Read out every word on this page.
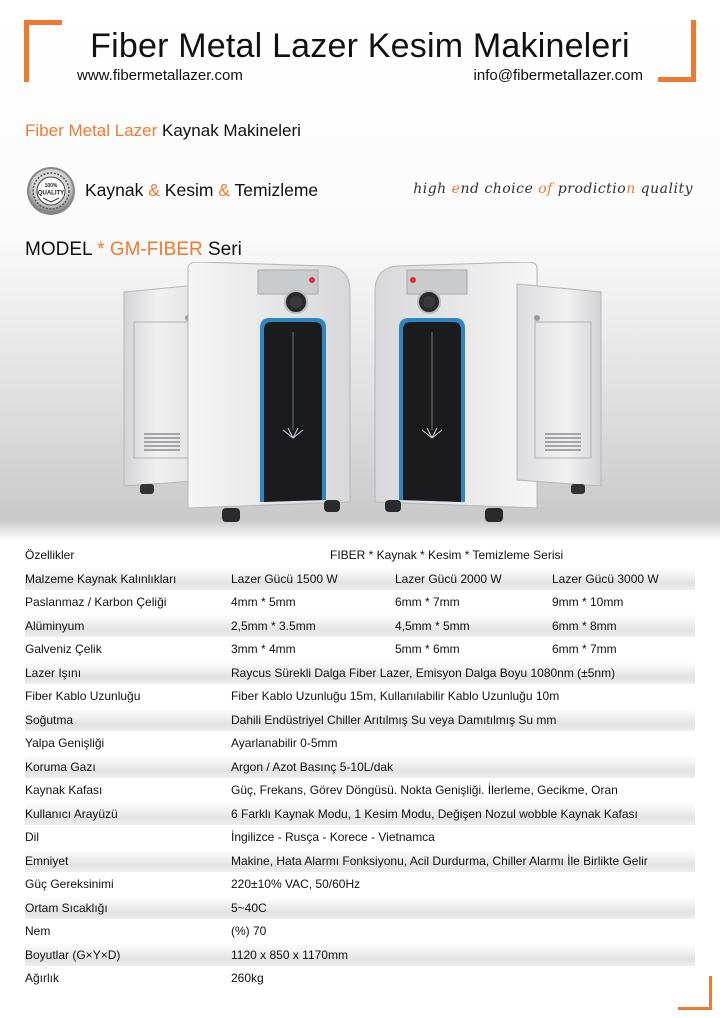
Fiber Metal Lazer Kesim Makineleri
www.fibermetallazer.com	info@fibermetallazer.com
Fiber Metal Lazer Kaynak Makineleri
100%
QUALITY Kaynak & Kesim & Temizleme	high end choice of prodiction quality
MODEL * GM-FIBER Seri
Özellikler	FIBER * Kaynak * Kesim * Temizleme Serisi
Malzeme Kaynak Kalınlıkları	Lazer Gücü 1500 W	Lazer Gücü 2000 W	Lazer Gücü 3000 W
Paslanmaz / Karbon Çeliği	4mm * 5mm	6mm * 7mm	9mm * 10mm
Alüminyum	2,5mm * 3.5mm	4,5mm * 5mm	6mm * 8mm
Galveniz Çelik	3mm * 4mm	5mm * 6mm	6mm * 7mm
Lazer Işını	Raycus Sürekli Dalga Fiber Lazer, Emisyon Dalga Boyu 1080nm (±5nm)
Fiber Kablo Uzunluğu	Fiber Kablo Uzunluğu 15m, Kullanılabilir Kablo Uzunluğu 10m
Soğutma	Dahili Endüstriyel Chiller Arıtılmış Su veya Damıtılmış Su mm
Yalpa Genişliği	Ayarlanabilir 0-5mm
Koruma Gazı	Argon / Azot Basınç 5-10L/dak
Kaynak Kafası	Güç, Frekans, Görev Döngüsü. Nokta Genişliği. İlerleme, Gecikme, Oran
Kullanıcı Arayüzü	6 Farklı Kaynak Modu, 1 Kesim Modu, Değişen Nozul wobble Kaynak Kafası
Dil	İngilizce - Rusça - Korece - Vietnamca
Emniyet	Makine, Hata Alarmı Fonksiyonu, Acil Durdurma, Chiller Alarmı İle Birlikte Gelir
Güç Gereksinimi	220±10% VAC, 50/60Hz
Ortam Sıcaklığı	5~40C
Nem	(%) 70
Boyutlar (G×Y×D)	1120 x 850 x 1170mm
Ağırlık	260kg
